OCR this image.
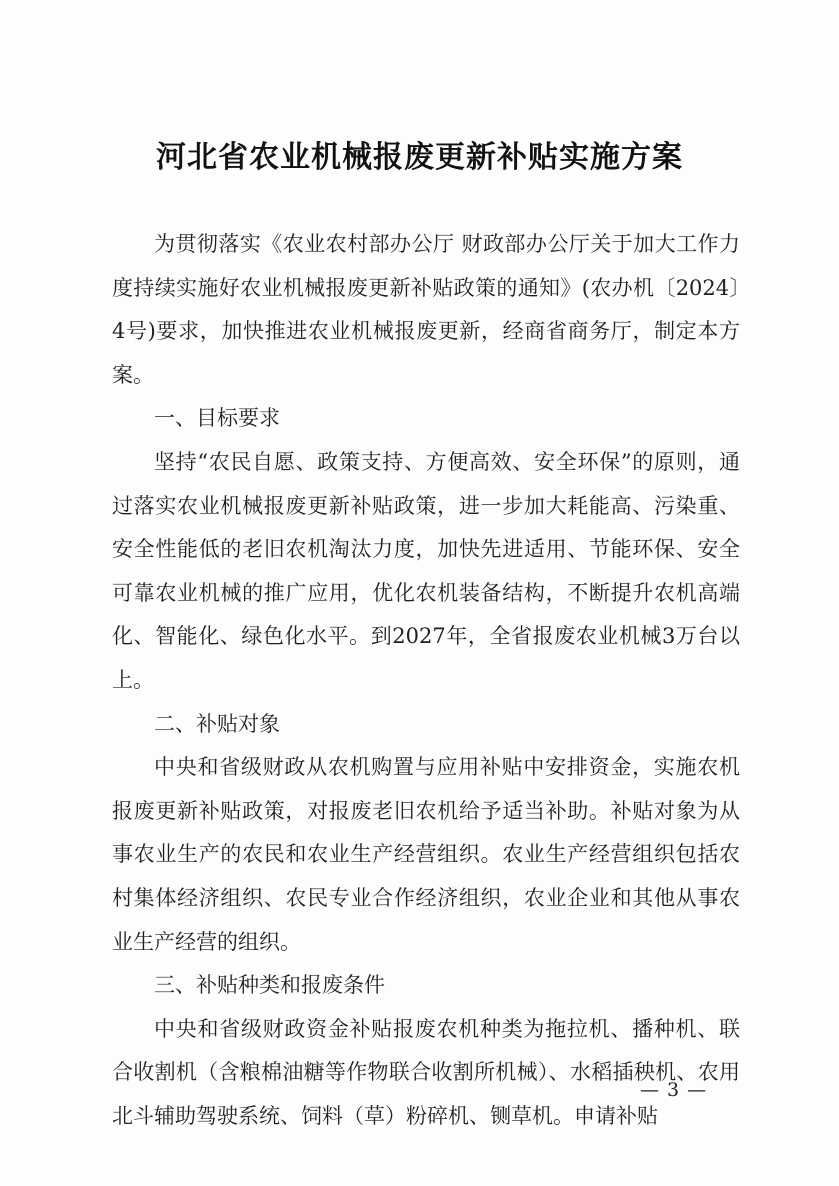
河北省农业机械报废更新补贴实施方案

为贯彻落实《农业农村部办公厅 财政部办公厅关于加大工作力度持续实施好农业机械报废更新补贴政策的通知》(农办机〔2024〕4号)要求，加快推进农业机械报废更新，经商省商务厅，制定本方案。

一、目标要求

坚持“农民自愿、政策支持、方便高效、安全环保”的原则，通过落实农业机械报废更新补贴政策，进一步加大耗能高、污染重、安全性能低的老旧农机淘汰力度，加快先进适用、节能环保、安全可靠农业机械的推广应用，优化农机装备结构，不断提升农机高端化、智能化、绿色化水平。到2027年，全省报废农业机械3万台以上。

二、补贴对象

中央和省级财政从农机购置与应用补贴中安排资金，实施农机报废更新补贴政策，对报废老旧农机给予适当补助。补贴对象为从事农业生产的农民和农业生产经营组织。农业生产经营组织包括农村集体经济组织、农民专业合作经济组织，农业企业和其他从事农业生产经营的组织。

三、补贴种类和报废条件

中央和省级财政资金补贴报废农机种类为拖拉机、播种机、联合收割机（含粮棉油糖等作物联合收割所机械）、水稻插秧机、农用北斗辅助驾驶系统、饲料（草）粉碎机、铡草机。申请补贴

— 3 —
